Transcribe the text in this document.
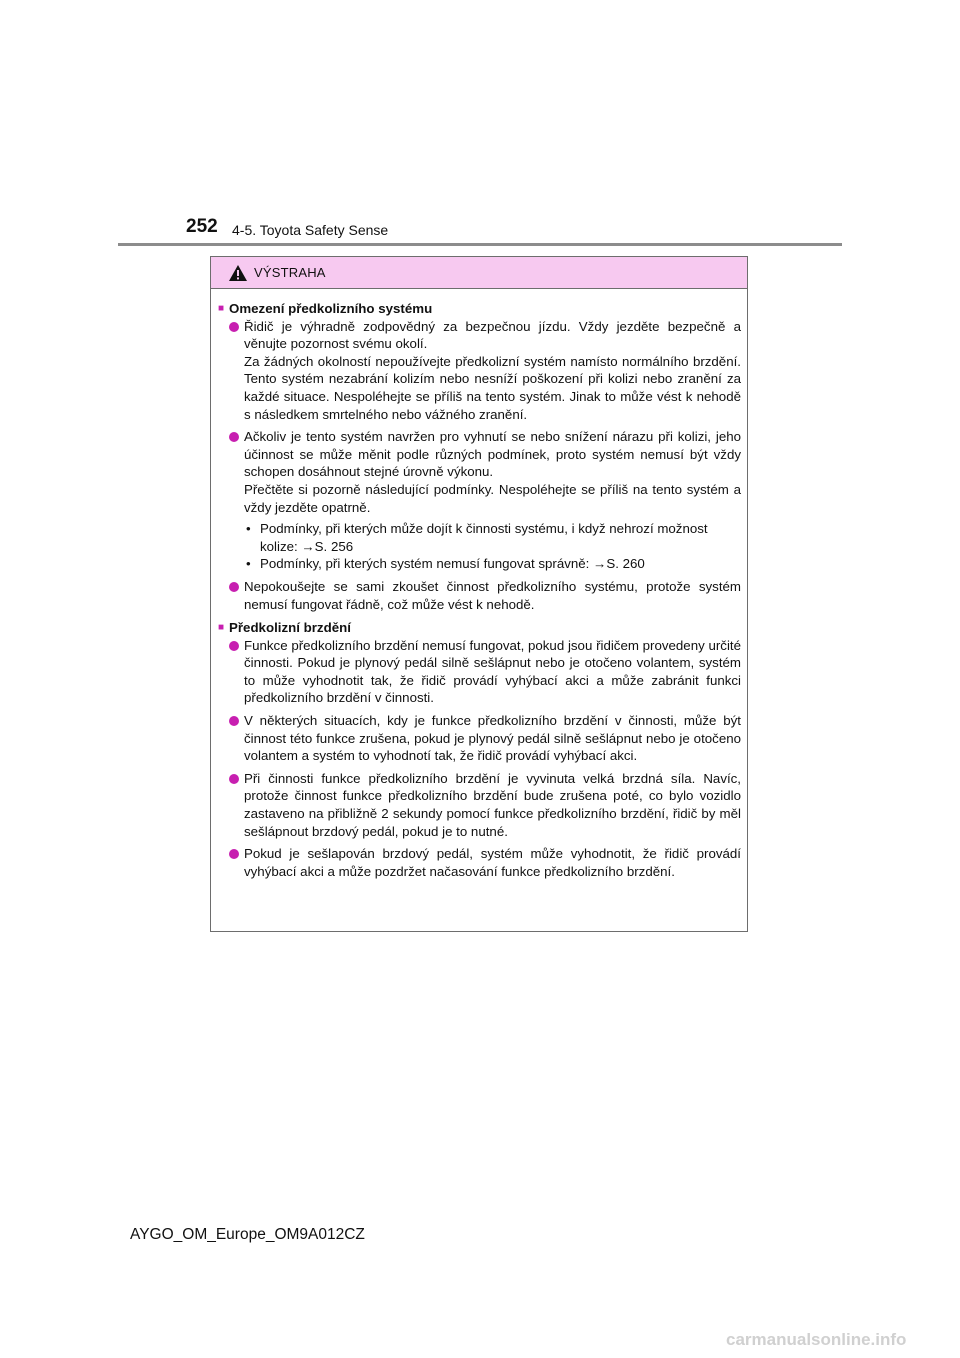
252 4-5. Toyota Safety Sense
VÝSTRAHA
■ Omezení předkolizního systému

Řidič je výhradně zodpovědný za bezpečnou jízdu. Vždy jezděte bezpečně a věnujte pozornost svému okolí.

Za žádných okolností nepoužívejte předkolizní systém namísto normálního brzdění. Tento systém nezabrání kolizím nebo nesníží poškození při kolizi nebo zranění za každé situace. Nespoléhejte se příliš na tento systém. Jinak to může vést k nehodě s následkem smrtelného nebo vážného zranění.

Ačkoliv je tento systém navržen pro vyhnutí se nebo snížení nárazu při kolizi, jeho účinnost se může měnit podle různých podmínek, proto systém nemusí být vždy schopen dosáhnout stejné úrovně výkonu.

Přečtěte si pozorně následující podmínky. Nespoléhejte se příliš na tento systém a vždy jezděte opatrně.

• Podmínky, při kterých může dojít k činnosti systému, i když nehrozí možnost kolize: →S. 256
• Podmínky, při kterých systém nemusí fungovat správně: →S. 260

Nepokoušejte se sami zkoušet činnost předkolizního systému, protože systém nemusí fungovat řádně, což může vést k nehodě.

■ Předkolizní brzdění

Funkce předkolizního brzdění nemusí fungovat, pokud jsou řidičem provedeny určité činnosti. Pokud je plynový pedál silně sešlápnut nebo je otočeno volantem, systém to může vyhodnotit tak, že řidič provádí vyhýbací akci a může zabránit funkci předkolizního brzdění v činnosti.

V některých situacích, kdy je funkce předkolizního brzdění v činnosti, může být činnost této funkce zrušena, pokud je plynový pedál silně sešlápnut nebo je otočeno volantem a systém to vyhodnotí tak, že řidič provádí vyhýbací akci.

Při činnosti funkce předkolizního brzdění je vyvinuta velká brzdná síla. Navíc, protože činnost funkce předkolizního brzdění bude zrušena poté, co bylo vozidlo zastaveno na přibližně 2 sekundy pomocí funkce předkolizního brzdění, řidič by měl sešlápnout brzdový pedál, pokud je to nutné.

Pokud je sešlapován brzdový pedál, systém může vyhodnotit, že řidič provádí vyhýbací akci a může pozdržet načasování funkce předkolizního brzdění.

AYGO_OM_Europe_OM9A012CZ
carmanualsonline.info
